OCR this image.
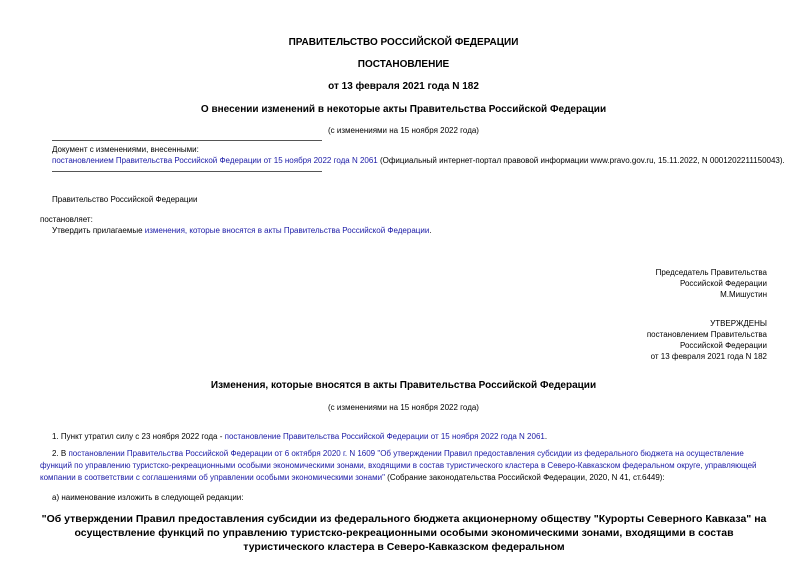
ПРАВИТЕЛЬСТВО РОССИЙСКОЙ ФЕДЕРАЦИИ
ПОСТАНОВЛЕНИЕ
от 13 февраля 2021 года N 182
О внесении изменений в некоторые акты Правительства Российской Федерации
(с изменениями на 15 ноября 2022 года)
Документ с изменениями, внесенными:
постановлением Правительства Российской Федерации от 15 ноября 2022 года N 2061 (Официальный интернет-портал правовой информации www.pravo.gov.ru, 15.11.2022, N 0001202211150043).
Правительство Российской Федерации
постановляет:
Утвердить прилагаемые изменения, которые вносятся в акты Правительства Российской Федерации.
Председатель Правительства
Российской Федерации
М.Мишустин
УТВЕРЖДЕНЫ
постановлением Правительства
Российской Федерации
от 13 февраля 2021 года N 182
Изменения, которые вносятся в акты Правительства Российской Федерации
(с изменениями на 15 ноября 2022 года)
1. Пункт утратил силу с 23 ноября 2022 года - постановление Правительства Российской Федерации от 15 ноября 2022 года N 2061.
2. В постановлении Правительства Российской Федерации от 6 октября 2020 г. N 1609 "Об утверждении Правил предоставления субсидии из федерального бюджета на осуществление функций по управлению туристско-рекреационными особыми экономическими зонами, входящими в состав туристического кластера в Северо-Кавказском федеральном округе, управляющей компании в соответствии с соглашениями об управлении особыми экономическими зонами" (Собрание законодательства Российской Федерации, 2020, N 41, ст.6449):
а) наименование изложить в следующей редакции:
"Об утверждении Правил предоставления субсидии из федерального бюджета акционерному обществу "Курорты Северного Кавказа" на осуществление функций по управлению туристско-рекреационными особыми экономическими зонами, входящими в состав туристического кластера в Северо-Кавказском федеральном
